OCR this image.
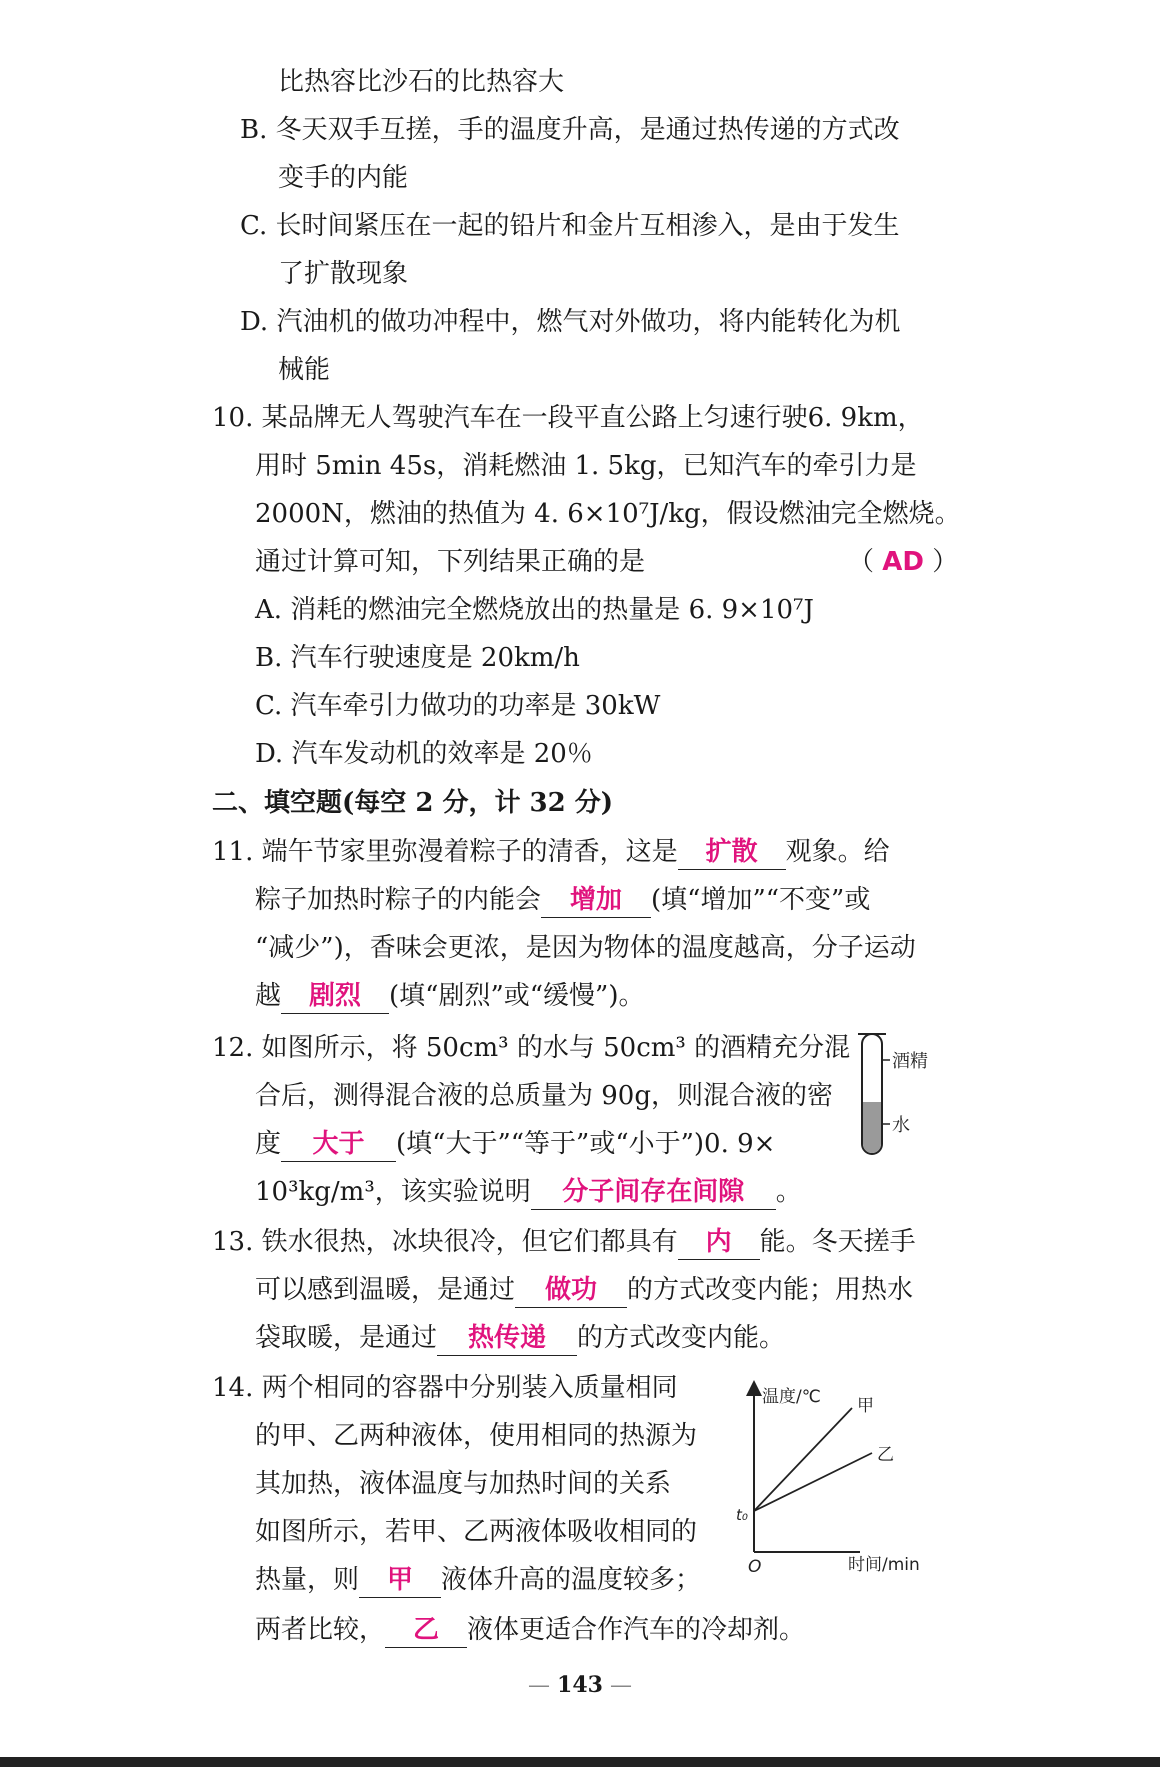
比热容比沙石的比热容大
B. 冬天双手互搓，手的温度升高，是通过热传递的方式改
变手的内能
C. 长时间紧压在一起的铅片和金片互相渗入，是由于发生
了扩散现象
D. 汽油机的做功冲程中，燃气对外做功，将内能转化为机
械能
10. 某品牌无人驾驶汽车在一段平直公路上匀速行驶6. 9km，
用时 5min 45s，消耗燃油 1. 5kg，已知汽车的牵引力是
2000N，燃油的热值为 4. 6×10⁷J/kg，假设燃油完全燃烧。
通过计算可知，下列结果正确的是	（ AD ）
A. 消耗的燃油完全燃烧放出的热量是 6. 9×10⁷J
B. 汽车行驶速度是 20km/h
C. 汽车牵引力做功的功率是 30kW
D. 汽车发动机的效率是 20％
二、填空题(每空 2 分，计 32 分)
11. 端午节家里弥漫着粽子的清香，这是 扩散 观象。给
粽子加热时粽子的内能会 增加 (填“增加”“不变”或
“减少”)，香味会更浓，是因为物体的温度越高，分子运动
越 剧烈 (填“剧烈”或“缓慢”)。
12. 如图所示，将 50cm³ 的水与 50cm³ 的酒精充分混
合后，测得混合液的总质量为 90g，则混合液的密
度 大于 (填“大于”“等于”或“小于”)0. 9×
10³kg/m³，该实验说明 分子间存在间隙 。
酒精
水
13. 铁水很热，冰块很冷，但它们都具有 内 能。冬天搓手
可以感到温暖，是通过 做功 的方式改变内能；用热水
袋取暖，是通过 热传递 的方式改变内能。
14. 两个相同的容器中分别装入质量相同
的甲、乙两种液体，使用相同的热源为
其加热，液体温度与加热时间的关系
如图所示，若甲、乙两液体吸收相同的
热量，则 甲 液体升高的温度较多；
两者比较， 乙 液体更适合作汽车的冷却剂。
温度/℃
时间/min
O
t₀
甲
乙
— 143 —
